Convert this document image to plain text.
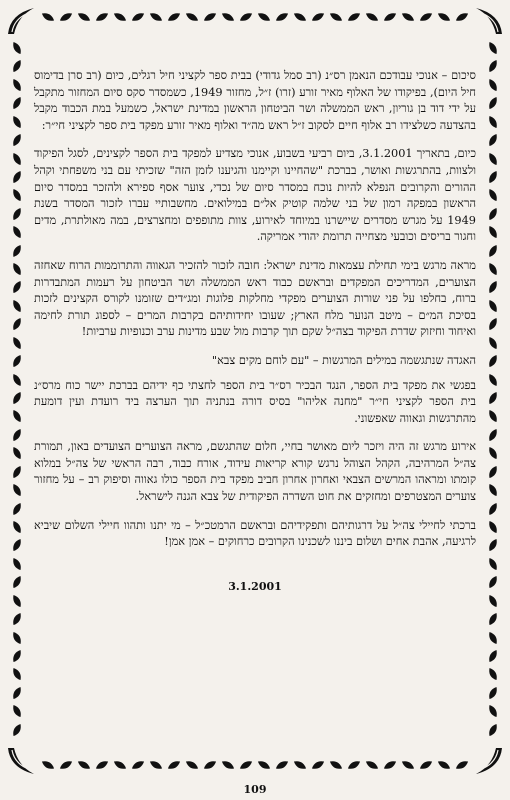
סיכום – אנוכי עבודכם הנאמן רס״נ (רב סמל גדודי) בבית ספר לקציני חיל רגלים, כיום (רב סרן בדימוס חיל היום), בפיקודו של האלוף מאיר זורע (זרו) ז״ל, מחזור 1949, כשמסדר סקס סיום המחזור מתקבל על ידי דוד בן גוריון, ראש הממשלה ושר הביטחון הראשון במדינת ישראל, כשמעל במת הכבוד מקבל בהצדעה כשלצידו רב אלוף חיים לסקוב ז״ל ראש מה״ד ואלוף מאיר זורע מפקד בית ספר לקציני חי״ר:

כיום, בתאריך 3.1.2001, ביום רביעי בשבוע, אנוכי מצדיע למפקד בית הספר לקצינים, לסגל הפיקוד ולצוות, בהתרגשות ואושר, בברכת "שהחיינו וקיימנו והגיענו לזמן הזה" שזכיתי עם בני משפחתי וקהל ההורים והקרובים הנפלא להיות נוכח במסדר סיום של נכדי, צוער אסף ספירא ולהזכר במסדר סיום הראשון במפקה רמון של בני שלמה קוטיק אל״ם במילואים. מחשבותיי עברו לזכור המסדר בשנת 1949 על מגרש מסדרים שיישרנו במיוחד לאירוע, צוות מתופפים ומחצרצים, במה מאולתרת, מדים וחגור בריסים וכובעי מצחייה תרומת יהודי אמריקה.

מראה מרגש בימי תחילת עצמאות מדינת ישראל: חובה לזכור להזכיר הגאווה והתרוממות הרוח שאחזה הצוערים, המדריכים המפקדים ובראשם כבוד ראש הממשלה ושר הביטחון על רעמות המתבדרות ברוח, בחלפו על פני שורות הצוערים מפקדי מחלקות פלוגות ומג״דים שזומנו לקורס הקצינים לזכות בסיכת המ״ם – מיטב הנוער מלח הארץ; שעובו יחידותיהם בקרבות המרים – לספוג תורת לחימה ואיחוד וחיזוק שדרת הפיקוד בצה״ל שקם תוך קרבות מול שבע מדינות ערב וכנופיות ערביות!

האגדה שנתגשמה במילים המרגשות – "עם לוחם מקים צבא"

בפגשי את מפקד בית הספר, הנגד הבכיר רס״ר בית הספר לחצתי כף ידיהם בברכת יישר כוח מרס״נ בית הספר לקציני חי״ר "מחנה אליהו" בסיס דורה בנתניה תוך הערצה ביד רועדת ועין דומעת מהתרגשות וגאווה שאפשוני.

אירוע מרגש זה היה ויזכר ליום מאושר בחיי, חלום שהתגשם, מראה הצוערים הצועדים באון, תמורת צה״ל המרהיבה, הקהל הצוהל נרגש קורא קריאות עידוד, אורח כבוד, רבה הראשי של צה״ל במלוא קומתו ומראהו המרשים הצבאי ואחרון אחרון חביב מפקד בית הספר כולו גאווה וסיפוק רב – על מחזור צוערים המצטרפים ומחזקים את חוט השדרה הפיקודית של צבא הגנה לישראל.

ברכתי לחיילי צה״ל על דרגותיהם ותפקידיהם ובראשם הרמטכ״ל – מי יתנו ותהוו חיילי השלום שיביא לרגיעה, אהבת אחים ושלום ביננו לשכנינו הקרובים כרחוקים – אמן אמן!

3.1.2001
109
